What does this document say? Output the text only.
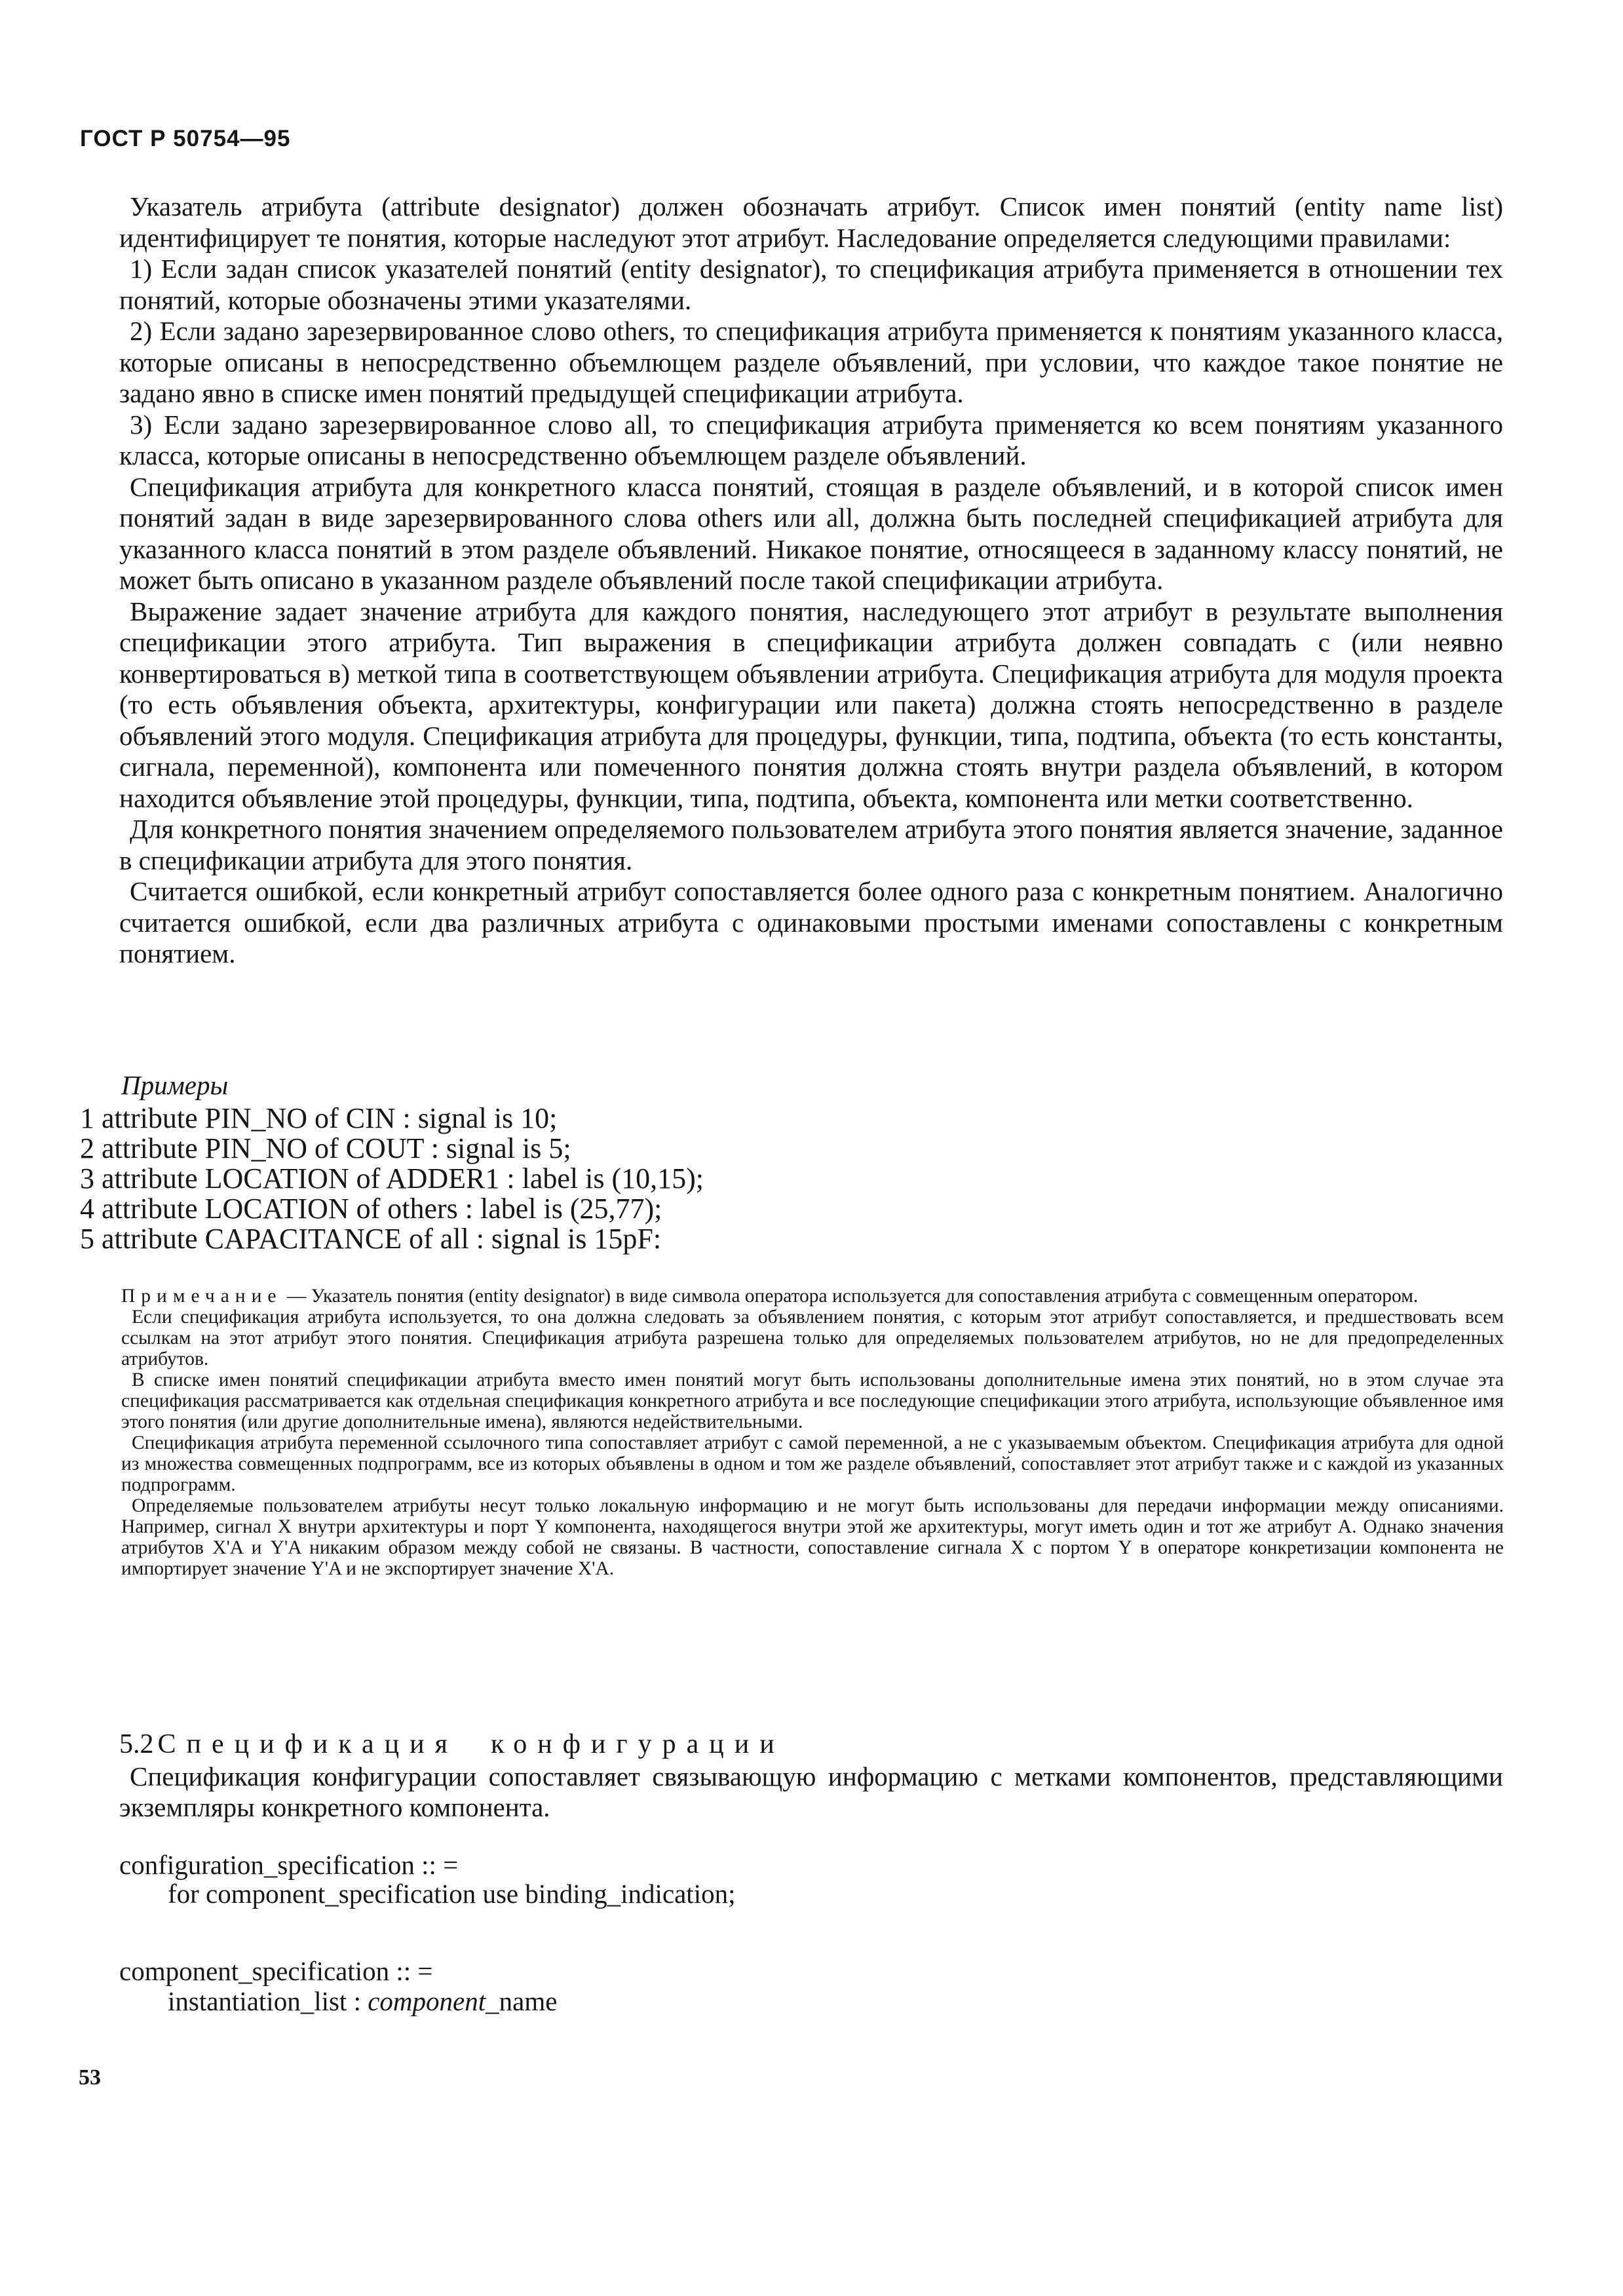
ГОСТ Р 50754—95

Указатель атрибута (attribute designator) должен обозначать атрибут. Список имен понятий (entity name list) идентифицирует те понятия, которые наследуют этот атрибут. Наследование определяется следующими правилами:

1) Если задан список указателей понятий (entity designator), то спецификация атрибута применяется в отношении тех понятий, которые обозначены этими указателями.

2) Если задано зарезервированное слово others, то спецификация атрибута применяется к понятиям указанного класса, которые описаны в непосредственно объемлющем разделе объявлений, при условии, что каждое такое понятие не задано явно в списке имен понятий предыдущей спецификации атрибута.

3) Если задано зарезервированное слово all, то спецификация атрибута применяется ко всем понятиям указанного класса, которые описаны в непосредственно объемлющем разделе объявлений.

Спецификация атрибута для конкретного класса понятий, стоящая в разделе объявлений, и в которой список имен понятий задан в виде зарезервированного слова others или all, должна быть последней спецификацией атрибута для указанного класса понятий в этом разделе объявлений. Никакое понятие, относящееся в заданному классу понятий, не может быть описано в указанном разделе объявлений после такой спецификации атрибута.

Выражение задает значение атрибута для каждого понятия, наследующего этот атрибут в результате выполнения спецификации этого атрибута. Тип выражения в спецификации атрибута должен совпадать с (или неявно конвертироваться в) меткой типа в соответствующем объявлении атрибута. Спецификация атрибута для модуля проекта (то есть объявления объекта, архитектуры, конфигурации или пакета) должна стоять непосредственно в разделе объявлений этого модуля. Спецификация атрибута для процедуры, функции, типа, подтипа, объекта (то есть константы, сигнала, переменной), компонента или помеченного понятия должна стоять внутри раздела объявлений, в котором находится объявление этой процедуры, функции, типа, подтипа, объекта, компонента или метки соответственно.

Для конкретного понятия значением определяемого пользователем атрибута этого понятия является значение, заданное в спецификации атрибута для этого понятия.

Считается ошибкой, если конкретный атрибут сопоставляется более одного раза с конкретным понятием. Аналогично считается ошибкой, если два различных атрибута с одинаковыми простыми именами сопоставлены с конкретным понятием.

Примеры
1 attribute PIN_NO of CIN : signal is 10;
2 attribute PIN_NO of COUT : signal is 5;
3 attribute LOCATION of ADDER1 : label is (10,15);
4 attribute LOCATION of others : label is (25,77);
5 attribute CAPACITANCE of all : signal is 15pF:

Примечание — Указатель понятия (entity designator) в виде символа оператора используется для сопоставления атрибута с совмещенным оператором.

Если спецификация атрибута используется, то она должна следовать за объявлением понятия, с которым этот атрибут сопоставляется, и предшествовать всем ссылкам на этот атрибут этого понятия. Спецификация атрибута разрешена только для определяемых пользователем атрибутов, но не для предопределенных атрибутов.

В списке имен понятий спецификации атрибута вместо имен понятий могут быть использованы дополнительные имена этих понятий, но в этом случае эта спецификация рассматривается как отдельная спецификация конкретного атрибута и все последующие спецификации этого атрибута, использующие объявленное имя этого понятия (или другие дополнительные имена), являются недействительными.

Спецификация атрибута переменной ссылочного типа сопоставляет атрибут с самой переменной, а не с указываемым объектом. Спецификация атрибута для одной из множества совмещенных подпрограмм, все из которых объявлены в одном и том же разделе объявлений, сопоставляет этот атрибут также и с каждой из указанных подпрограмм.

Определяемые пользователем атрибуты несут только локальную информацию и не могут быть использованы для передачи информации между описаниями. Например, сигнал X внутри архитектуры и порт Y компонента, находящегося внутри этой же архитектуры, могут иметь один и тот же атрибут A. Однако значения атрибутов X'A и Y'A никаким образом между собой не связаны. В частности, сопоставление сигнала X с портом Y в операторе конкретизации компонента не импортирует значение Y'A и не экспортирует значение X'A.

5.2 Спецификация конфигурации
Спецификация конфигурации сопоставляет связывающую информацию с метками компонентов, представляющими экземпляры конкретного компонента.
configuration_specification :: =
for component_specification use binding_indication;
component_specification :: =
instantiation_list : component_name
53
